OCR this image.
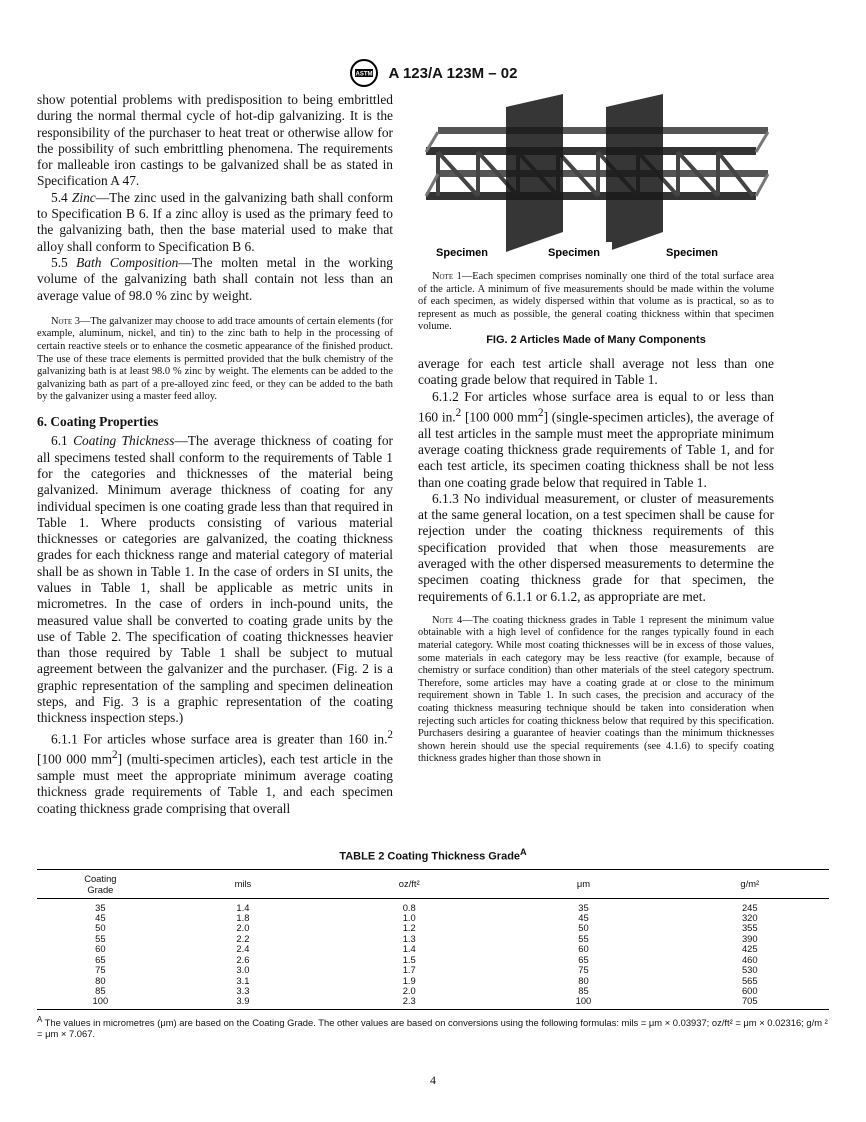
ASTM A 123/A 123M – 02

show potential problems with predisposition to being embrittled during the normal thermal cycle of hot-dip galvanizing. It is the responsibility of the purchaser to heat treat or otherwise allow for the possibility of such embrittling phenomena. The requirements for malleable iron castings to be galvanized shall be as stated in Specification A 47.

5.4 Zinc—The zinc used in the galvanizing bath shall conform to Specification B 6. If a zinc alloy is used as the primary feed to the galvanizing bath, then the base material used to make that alloy shall conform to Specification B 6.

5.5 Bath Composition—The molten metal in the working volume of the galvanizing bath shall contain not less than an average value of 98.0 % zinc by weight.

Note 3—The galvanizer may choose to add trace amounts of certain elements (for example, aluminum, nickel, and tin) to the zinc bath to help in the processing of certain reactive steels or to enhance the cosmetic appearance of the finished product. The use of these trace elements is permitted provided that the bulk chemistry of the galvanizing bath is at least 98.0 % zinc by weight. The elements can be added to the galvanizing bath as part of a pre-alloyed zinc feed, or they can be added to the bath by the galvanizer using a master feed alloy.

6. Coating Properties

6.1 Coating Thickness—The average thickness of coating for all specimens tested shall conform to the requirements of Table 1 for the categories and thicknesses of the material being galvanized. Minimum average thickness of coating for any individual specimen is one coating grade less than that required in Table 1. Where products consisting of various material thicknesses or categories are galvanized, the coating thickness grades for each thickness range and material category of material shall be as shown in Table 1. In the case of orders in SI units, the values in Table 1, shall be applicable as metric units in micrometres. In the case of orders in inch-pound units, the measured value shall be converted to coating grade units by the use of Table 2. The specification of coating thicknesses heavier than those required by Table 1 shall be subject to mutual agreement between the galvanizer and the purchaser. (Fig. 2 is a graphic representation of the sampling and specimen delineation steps, and Fig. 3 is a graphic representation of the coating thickness inspection steps.)

6.1.1 For articles whose surface area is greater than 160 in.$^2$ [100 000 $mm^2$] (multi-specimen articles), each test article in the sample must meet the appropriate minimum average coating thickness grade requirements of Table 1, and each specimen coating thickness grade comprising that overall

Specimen	Specimen	Specimen

Note 1—Each specimen comprises nominally one third of the total surface area of the article. A minimum of five measurements should be made within the volume of each specimen, as widely dispersed within that volume as is practical, so as to represent as much as possible, the general coating thickness within that specimen volume.

FIG. 2 Articles Made of Many Components

average for each test article shall average not less than one coating grade below that required in Table 1.

6.1.2 For articles whose surface area is equal to or less than 160 in.$^2$ [100 000 $mm^2$] (single-specimen articles), the average of all test articles in the sample must meet the appropriate minimum average coating thickness grade requirements of Table 1, and for each test article, its specimen coating thickness shall be not less than one coating grade below that required in Table 1.

6.1.3 No individual measurement, or cluster of measurements at the same general location, on a test specimen shall be cause for rejection under the coating thickness requirements of this specification provided that when those measurements are averaged with the other dispersed measurements to determine the specimen coating thickness grade for that specimen, the requirements of 6.1.1 or 6.1.2, as appropriate are met.

Note 4—The coating thickness grades in Table 1 represent the minimum value obtainable with a high level of confidence for the ranges typically found in each material category. While most coating thicknesses will be in excess of those values, some materials in each category may be less reactive (for example, because of chemistry or surface condition) than other materials of the steel category spectrum. Therefore, some articles may have a coating grade at or close to the minimum requirement shown in Table 1. In such cases, the precision and accuracy of the coating thickness measuring technique should be taken into consideration when rejecting such articles for coating thickness below that required by this specification. Purchasers desiring a guarantee of heavier coatings than the minimum thicknesses shown herein should use the special requirements (see 4.1.6) to specify coating thickness grades higher than those shown in

TABLE 2 Coating Thickness Grade$^A$

Coating
Grade	mils	oz/ft²	μm	g/m²
35	1.4	0.8	35	245
45	1.8	1.0	45	320
50	2.0	1.2	50	355
55	2.2	1.3	55	390
60	2.4	1.4	60	425
65	2.6	1.5	65	460
75	3.0	1.7	75	530
80	3.1	1.9	80	565
85	3.3	2.0	85	600
100	3.9	2.3	100	705

$^A$ The values in micrometres (μm) are based on the Coating Grade. The other values are based on conversions using the following formulas: mils = μm × 0.03937; oz/ft² = μm × 0.02316; g/m ² = μm × 7.067.

4
